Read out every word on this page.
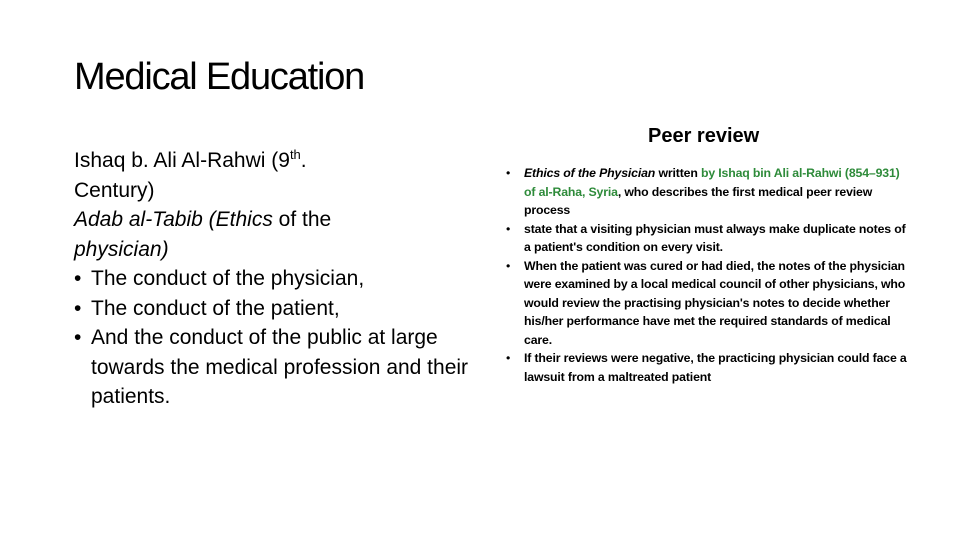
Medical Education

Ishaq b. Ali Al-Rahwi (9th.
Century)

Adab al-Tabib (Ethics of the
physician)

• The conduct of the physician,
• The conduct of the patient,
• And the conduct of the public at large towards the medical profession and their patients.
Peer review
• Ethics of the Physician written by Ishaq bin Ali al-Rahwi (854–931) of al-Raha, Syria, who describes the first medical peer review process
• state that a visiting physician must always make duplicate notes of a patient's condition on every visit.
• When the patient was cured or had died, the notes of the physician were examined by a local medical council of other physicians, who would review the practising physician's notes to decide whether his/her performance have met the required standards of medical care.
• If their reviews were negative, the practicing physician could face a lawsuit from a maltreated patient
